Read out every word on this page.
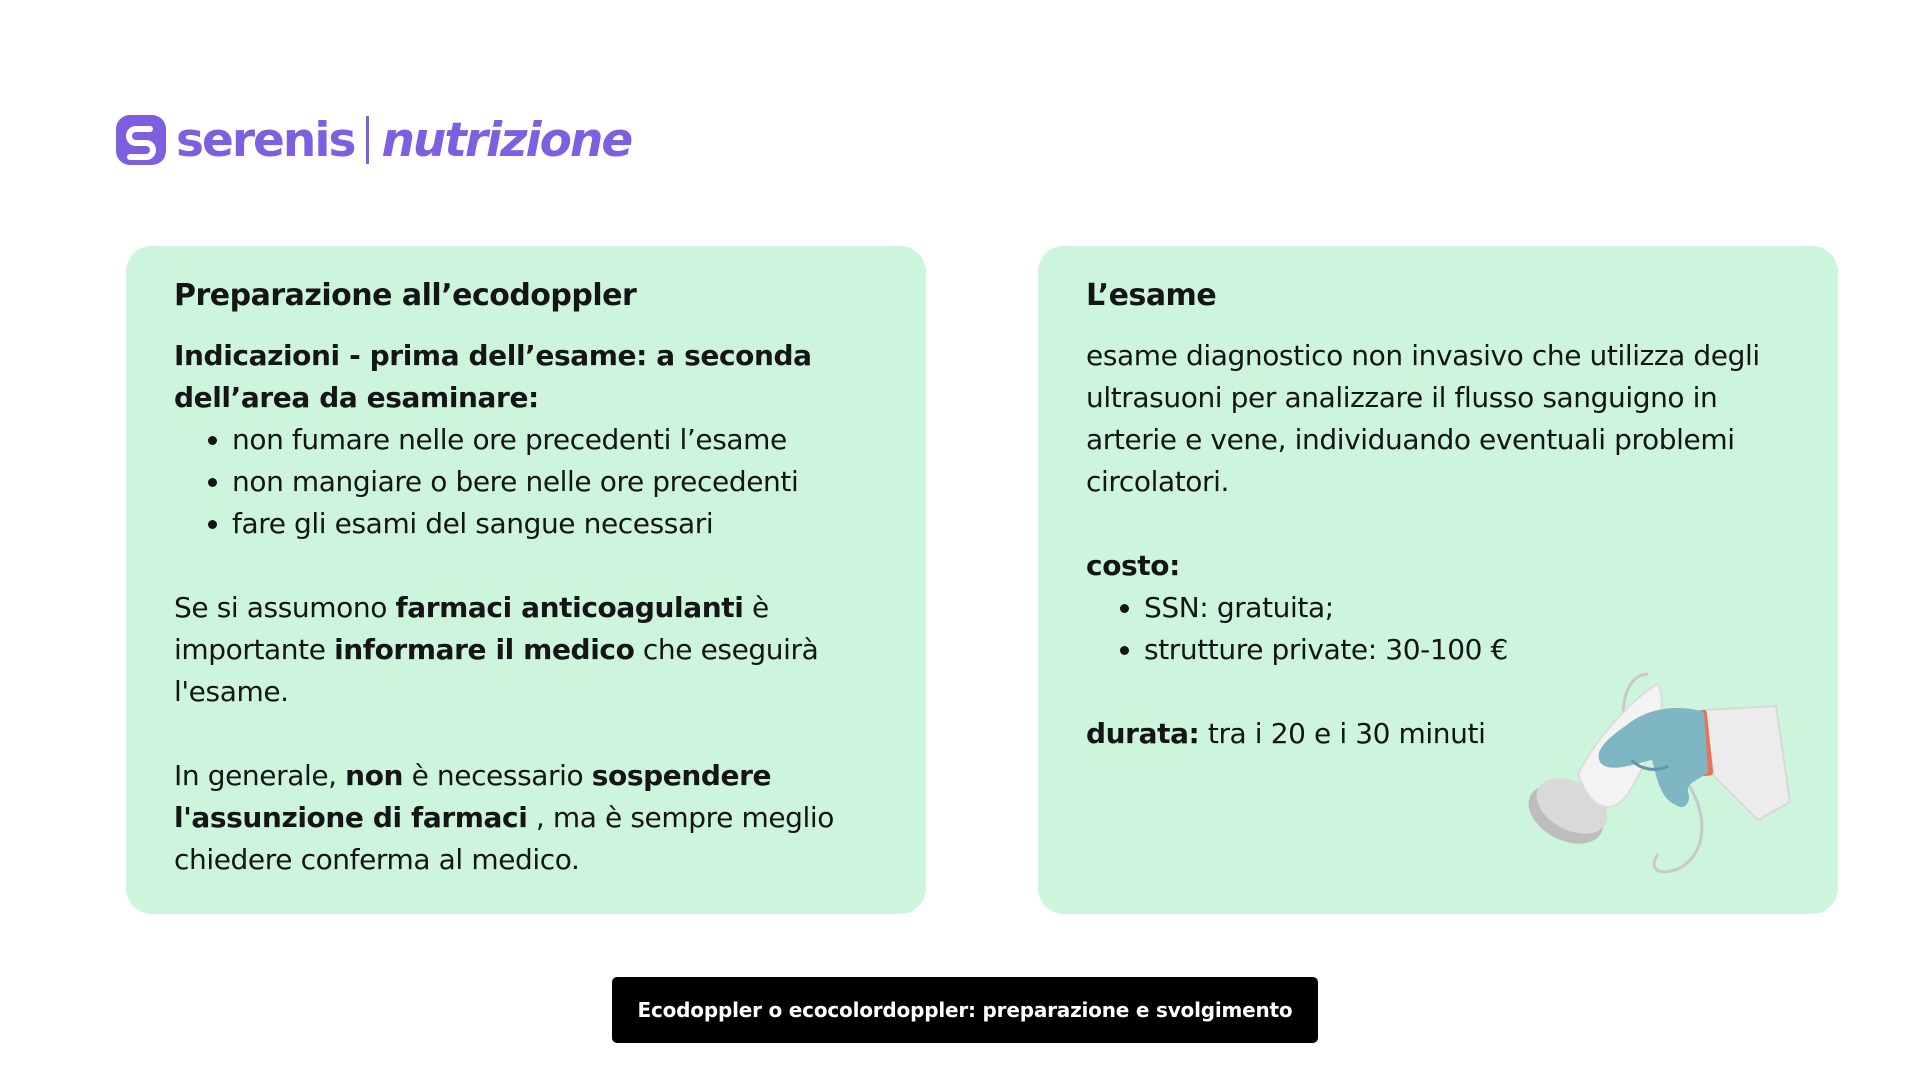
serenis nutrizione
Preparazione all’ecodoppler

Indicazioni - prima dell’esame: a seconda dell’area da esaminare:

• non fumare nelle ore precedenti l’esame
• non mangiare o bere nelle ore precedenti
• fare gli esami del sangue necessari

Se si assumono farmaci anticoagulanti è importante informare il medico che eseguirà l'esame.

In generale, non è necessario sospendere l'assunzione di farmaci , ma è sempre meglio chiedere conferma al medico.

L’esame

esame diagnostico non invasivo che utilizza degli ultrasuoni per analizzare il flusso sanguigno in arterie e vene, individuando eventuali problemi circolatori.

costo:

• SSN: gratuita;
• strutture private: 30-100 €

durata: tra i 20 e i 30 minuti

Ecodoppler o ecocolordoppler: preparazione e svolgimento
